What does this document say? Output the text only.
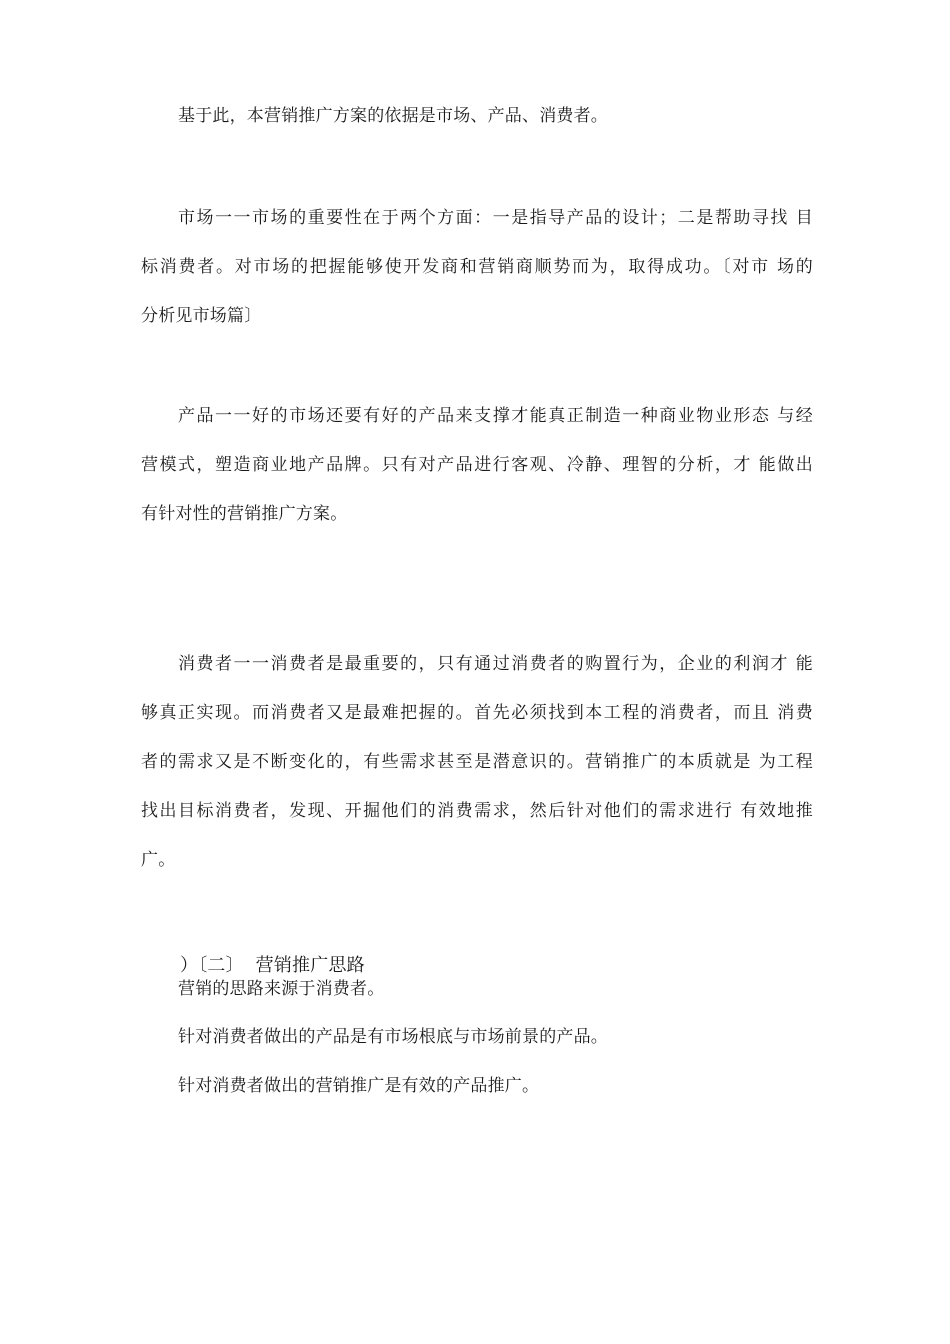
基于此，本营销推广方案的依据是市场、产品、消费者。
市场一一市场的重要性在于两个方面：一是指导产品的设计；二是帮助寻找 目
标消费者。对市场的把握能够使开发商和营销商顺势而为，取得成功。〔对市 场的
分析见市场篇〕
产品一一好的市场还要有好的产品来支撑才能真正制造一种商业物业形态 与经
营模式，塑造商业地产品牌。只有对产品进行客观、冷静、理智的分析，才 能做出
有针对性的营销推广方案。
消费者一一消费者是最重要的，只有通过消费者的购置行为，企业的利润才 能
够真正实现。而消费者又是最难把握的。首先必须找到本工程的消费者，而且 消费
者的需求又是不断变化的，有些需求甚至是潜意识的。营销推广的本质就是 为工程
找出目标消费者，发现、开掘他们的消费需求，然后针对他们的需求进行 有效地推
广。
）〔二〕  营销推广思路
营销的思路来源于消费者。
针对消费者做出的产品是有市场根底与市场前景的产品。
针对消费者做出的营销推广是有效的产品推广。
